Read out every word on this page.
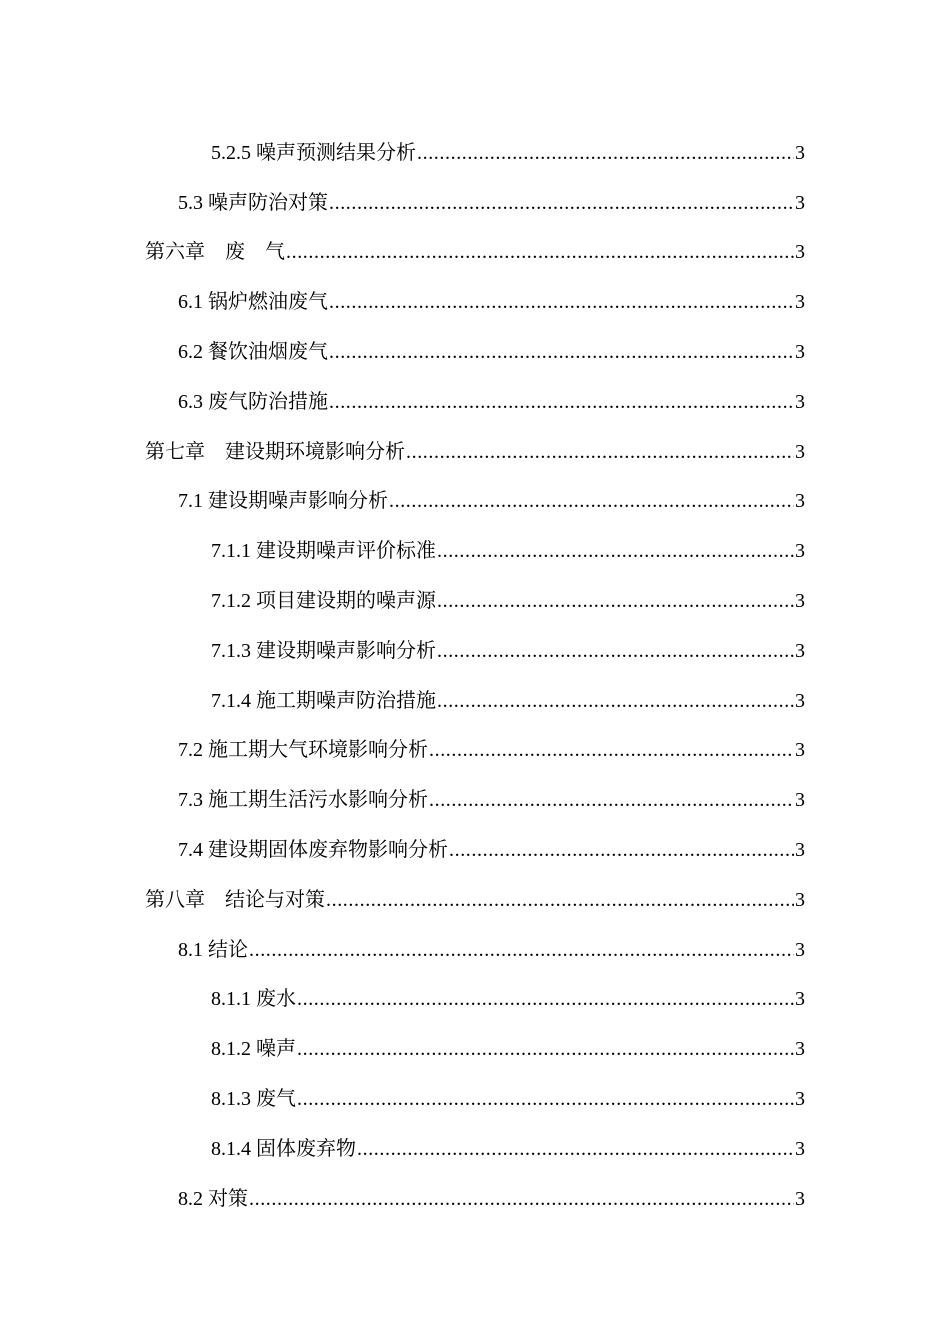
5.2.5 噪声预测结果分析 .....	3
5.3 噪声防治对策 .....	3
第六章    废    气 .....	3
6.1 锅炉燃油废气 .....	3
6.2 餐饮油烟废气 .....	3
6.3 废气防治措施 .....	3
第七章    建设期环境影响分析 .....	3
7.1 建设期噪声影响分析 .....	3
7.1.1 建设期噪声评价标准 .....	3
7.1.2 项目建设期的噪声源 .....	3
7.1.3 建设期噪声影响分析 .....	3
7.1.4 施工期噪声防治措施 .....	3
7.2 施工期大气环境影响分析 .....	3
7.3 施工期生活污水影响分析 .....	3
7.4 建设期固体废弃物影响分析 .....	3
第八章    结论与对策 .....	3
8.1 结论 .....	3
8.1.1 废水 .....	3
8.1.2 噪声 .....	3
8.1.3 废气 .....	3
8.1.4 固体废弃物 .....	3
8.2 对策 .....	3
